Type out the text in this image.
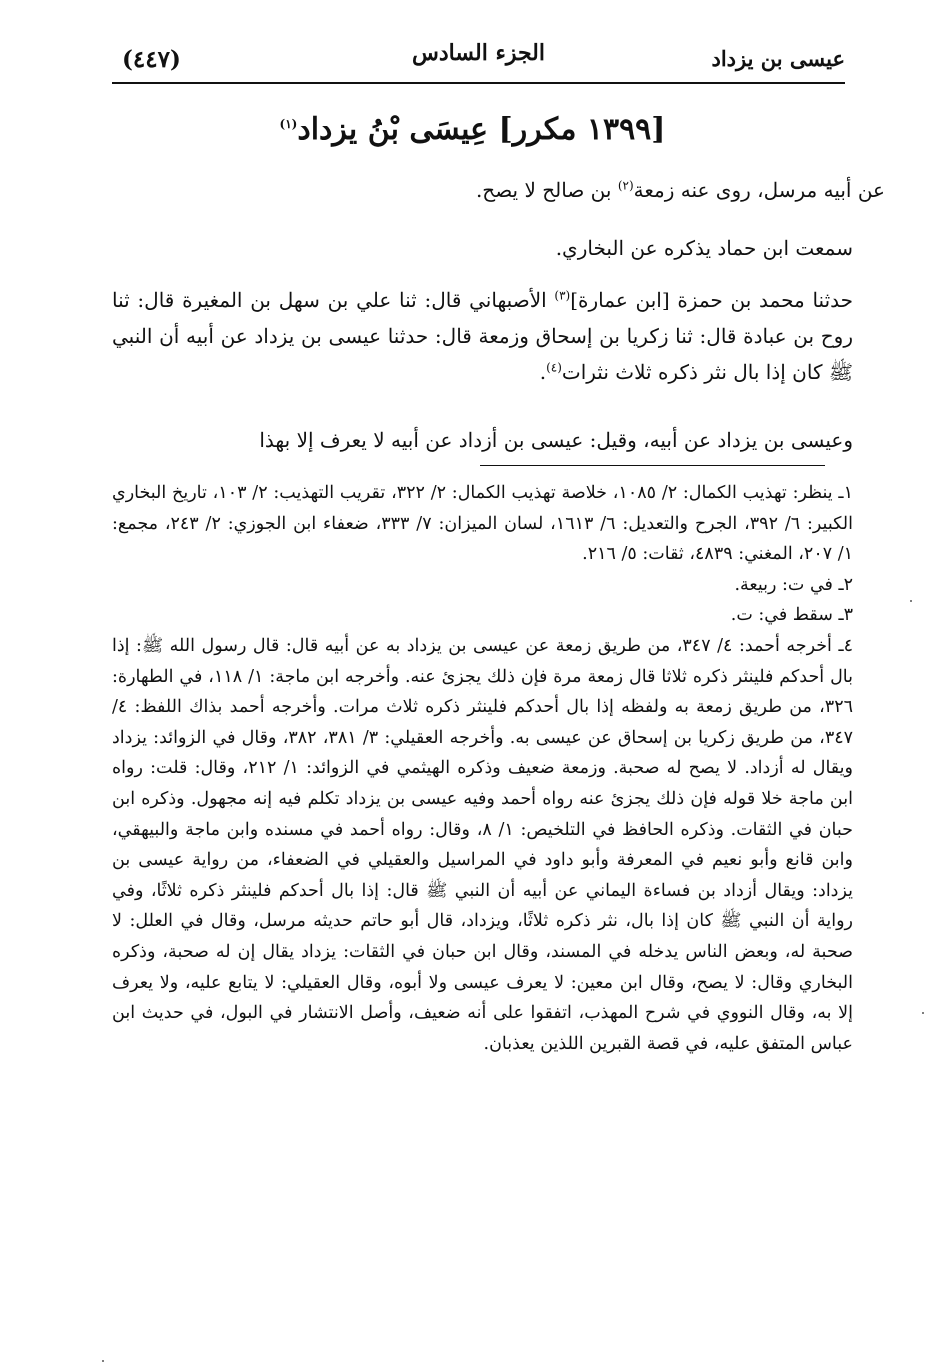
عيسى بن يزداد
الجزء السادس
(٤٤٧)
[١٣٩٩ مكرر] عِيسَى بْنُ يزداد$^{(١)}$
عن أبيه مرسل، روى عنه زمعة$^{(٢)}$ بن صالح لا يصح.
سمعت ابن حماد يذكره عن البخاري.
حدثنا محمد بن حمزة [ابن عمارة]$^{(٣)}$ الأصبهاني قال: ثنا علي بن سهل بن المغيرة قال: ثنا روح بن عبادة قال: ثنا زكريا بن إسحاق وزمعة قال: حدثنا عيسى بن يزداد عن أبيه أن النبي ﷺ كان إذا بال نثر ذكره ثلاث نثرات$^{(٤)}$.
وعيسى بن يزداد عن أبيه، وقيل: عيسى بن أزداد عن أبيه لا يعرف إلا بهذا

١ـ ينظر: تهذيب الكمال: ٢/ ١٠٨٥، خلاصة تهذيب الكمال: ٢/ ٣٢٢، تقريب التهذيب: ٢/ ١٠٣، تاريخ البخاري الكبير: ٦/ ٣٩٢، الجرح والتعديل: ٦/ ١٦١٣، لسان الميزان: ٧/ ٣٣٣، ضعفاء ابن الجوزي: ٢/ ٢٤٣، مجمع: ١/ ٢٠٧، المغني: ٤٨٣٩، ثقات: ٥/ ٢١٦.

٢ـ في ت: ربيعة.

٣ـ سقط في: ت.

٤ـ أخرجه أحمد: ٤/ ٣٤٧، من طريق زمعة عن عيسى بن يزداد به عن أبيه قال: قال رسول الله ﷺ: إذا بال أحدكم فلينثر ذكره ثلاثا قال زمعة مرة فإن ذلك يجزئ عنه. وأخرجه ابن ماجة: ١/ ١١٨، في الطهارة: ٣٢٦، من طريق زمعة به ولفظه إذا بال أحدكم فلينثر ذكره ثلاث مرات. وأخرجه أحمد بذاك اللفظ: ٤/ ٣٤٧، من طريق زكريا بن إسحاق عن عيسى به. وأخرجه العقيلي: ٣/ ٣٨١، ٣٨٢، وقال في الزوائد: يزداد ويقال له أزداد. لا يصح له صحبة. وزمعة ضعيف وذكره الهيثمي في الزوائد: ١/ ٢١٢، وقال: قلت: رواه ابن ماجة خلا قوله فإن ذلك يجزئ عنه رواه أحمد وفيه عيسى بن يزداد تكلم فيه إنه مجهول. وذكره ابن حبان في الثقات. وذكره الحافظ في التلخيص: ١/ ٨، وقال: رواه أحمد في مسنده وابن ماجة والبيهقي، وابن قانع وأبو نعيم في المعرفة وأبو داود في المراسيل والعقيلي في الضعفاء، من رواية عيسى بن يزداد: ويقال أزداد بن فساءة اليماني عن أبيه أن النبي ﷺ قال: إذا بال أحدكم فلينثر ذكره ثلاثًا، وفي رواية أن النبي ﷺ كان إذا بال، نثر ذكره ثلاثًا، ويزداد، قال أبو حاتم حديثه مرسل، وقال في العلل: لا صحبة له، وبعض الناس يدخله في المسند، وقال ابن حبان في الثقات: يزداد يقال إن له صحبة، وذكره البخاري وقال: لا يصح، وقال ابن معين: لا يعرف عيسى ولا أبوه، وقال العقيلي: لا يتابع عليه، ولا يعرف إلا به، وقال النووي في شرح المهذب، اتفقوا على أنه ضعيف، وأصل الانتشار في البول، في حديث ابن عباس المتفق عليه، في قصة القبرين اللذين يعذبان.
